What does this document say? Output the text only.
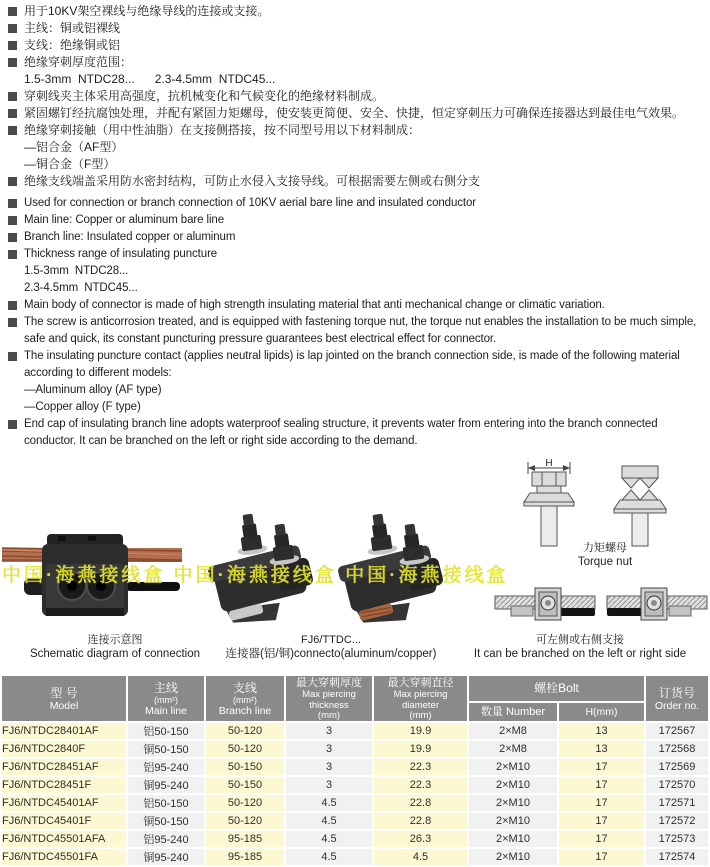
用于10KV架空裸线与绝缘导线的连接或支接。
主线：铜或铝裸线
支线：绝缘铜或铝
绝缘穿刺厚度范围：
1.5-3mm  NTDC28...      2.3-4.5mm  NTDC45...
穿刺线夹主体采用高强度，抗机械变化和气候变化的绝缘材料制成。
紧固螺钉经抗腐蚀处理，并配有紧固力矩螺母，使安装更简便、安全、快捷，恒定穿刺压力可确保连接器达到最佳电气效果。
绝缘穿刺接触（用中性油脂）在支接侧搭接，按不同型号用以下材料制成：
—铝合金（AF型）
—铜合金（F型）
绝缘支线端盖采用防水密封结构，可防止水侵入支接导线。可根据需要左侧或右侧分支
Used for connection or branch connection of 10KV aerial bare line and insulated conductor
Main line: Copper or aluminum bare line
Branch line: Insulated copper or aluminum
Thickness range of insulating puncture
1.5-3mm  NTDC28...
2.3-4.5mm  NTDC45...
Main body of connector is made of high strength insulating material that anti mechanical change or climatic variation.
The screw is anticorrosion treated, and is equipped with fastening torque nut, the torque nut enables the installation to be much simple, safe and quick, its constant puncturing pressure guarantees best electrical effect for connector.
The insulating puncture contact (applies neutral lipids) is lap jointed on the branch connection side, is made of the following material according to different models:
—Aluminum alloy (AF type)
—Copper alloy (F type)
End cap of insulating branch line adopts waterproof sealing structure, it prevents water from entering into the branch connected conductor. It can be branched on the left or right side according to the demand.
H
力矩螺母
Torque nut
中国·海燕接线盒 中国·海燕接线盒 中国·海燕接线盒
连接示意图
Schematic diagram of connection
FJ6/TTDC...
连接器(铝/铜)connecto(aluminum/copper)
可左侧或右侧支接
It can be branched on the left or right side
型 号
Model

主线
(mm²)
Main line

支线
(mm²)
Branch line

最大穿刺厚度
Max piercing thickness
(mm)

最大穿刺直径
Max piercing diameter
(mm)

螺栓Bolt	订货号
Order no.

					数量 Number	H(mm)	

FJ6/NTDC28401AF	铝50-150	50-120	3	19.9	2×M8	13	172567
FJ6/NTDC2840F	铜50-150	50-120	3	19.9	2×M8	13	172568
FJ6/NTDC28451AF	铝95-240	50-150	3	22.3	2×M10	17	172569
FJ6/NTDC28451F	铜95-240	50-150	3	22.3	2×M10	17	172570
FJ6/NTDC45401AF	铝50-150	50-120	4.5	22.8	2×M10	17	172571
FJ6/NTDC45401F	铜50-150	50-120	4.5	22.8	2×M10	17	172572
FJ6/NTDC45501AFA	铝95-240	95-185	4.5	26.3	2×M10	17	172573
FJ6/NTDC45501FA	铜95-240	95-185	4.5	4.5	2×M10	17	172574
